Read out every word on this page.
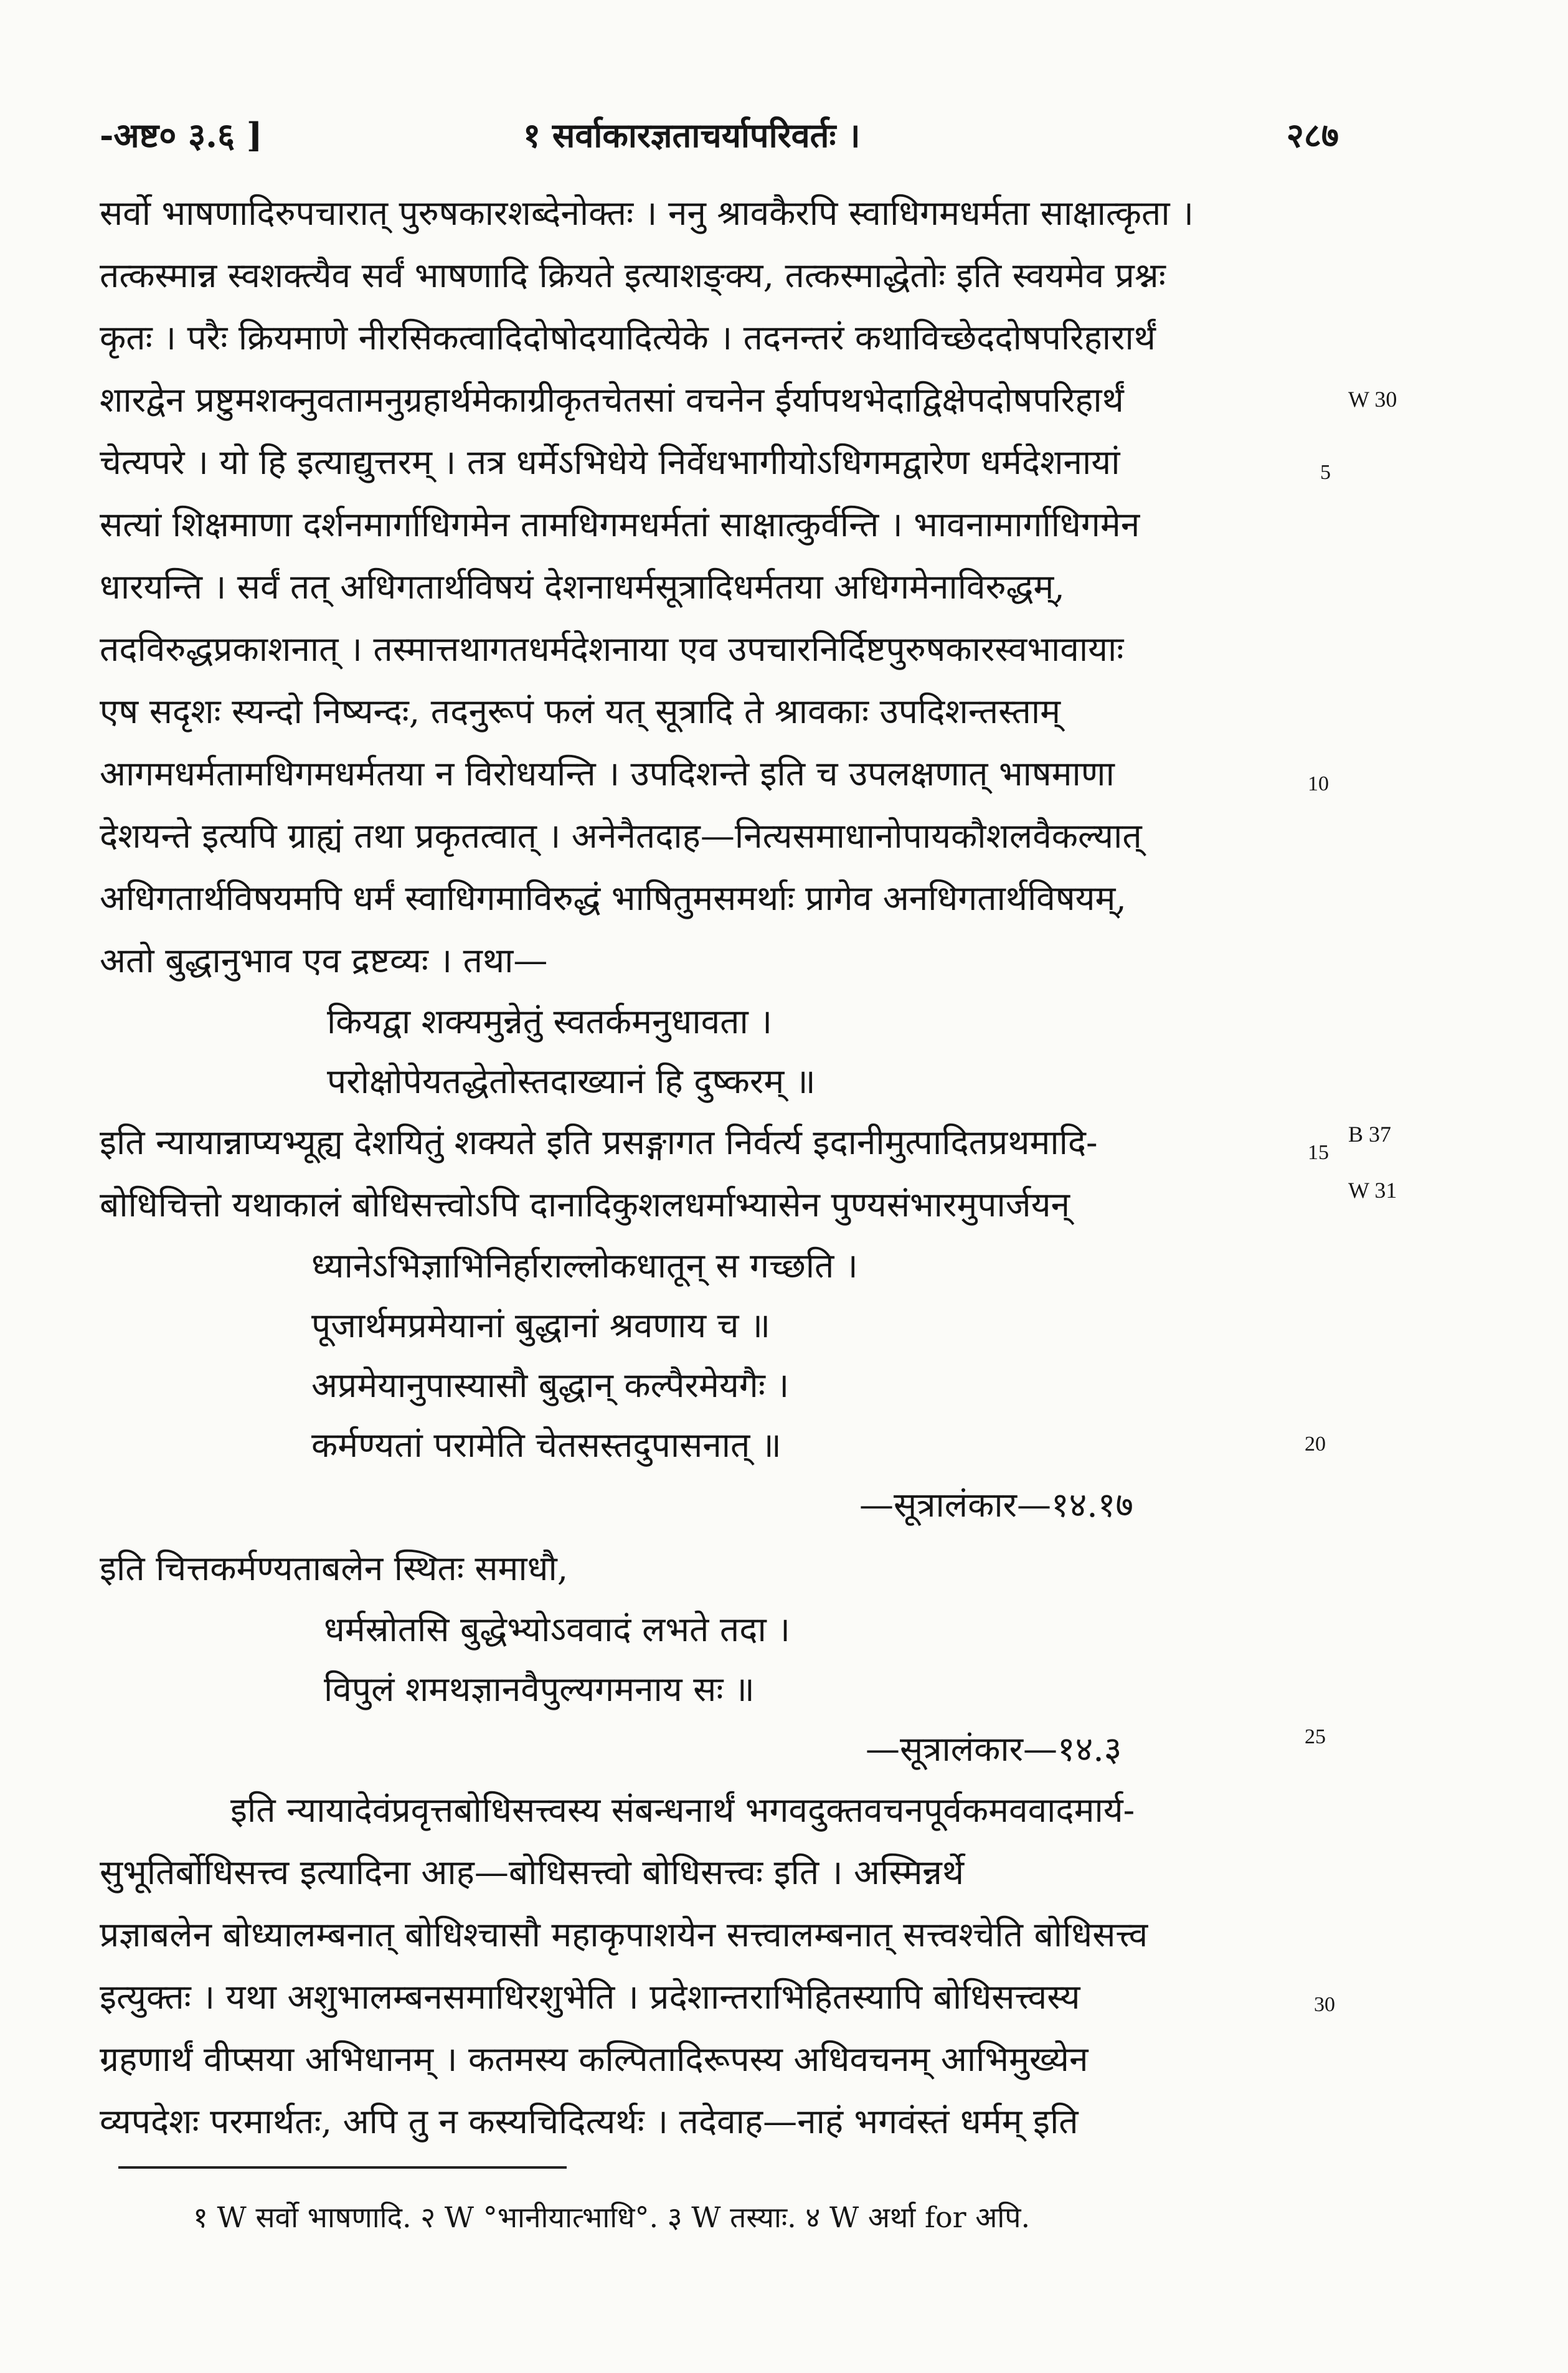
-अष्ट० ३.६ ]	१ सर्वाकारज्ञताचर्यापरिवर्तः ।	२८७
सर्वो भाषणादिरुपचारात् पुरुषकारशब्देनोक्तः । ननु श्रावकैरपि स्वाधिगमधर्मता साक्षात्कृता ।
तत्कस्मान्न स्वशक्त्यैव सर्वं भाषणादि क्रियते इत्याशङ्क्य, तत्कस्माद्धेतोः इति स्वयमेव प्रश्नः
कृतः । परैः क्रियमाणे नीरसिकत्वादिदोषोदयादित्येके । तदनन्तरं कथाविच्छेददोषपरिहारार्थं
शारद्वेन प्रष्टुमशक्नुवतामनुग्रहार्थमेकाग्रीकृतचेतसां वचनेन ईर्यापथभेदाद्विक्षेपदोषपरिहार्थं
चेत्यपरे । यो हि इत्याद्युत्तरम् । तत्र धर्मेऽभिधेये निर्वेधभागीयोऽधिगमद्वारेण धर्मदेशनायां
सत्यां शिक्षमाणा दर्शनमार्गाधिगमेन तामधिगमधर्मतां साक्षात्कुर्वन्ति । भावनामार्गाधिगमेन
धारयन्ति । सर्वं तत् अधिगतार्थविषयं देशनाधर्मसूत्रादिधर्मतया अधिगमेनाविरुद्धम्,
तदविरुद्धप्रकाशनात् । तस्मात्तथागतधर्मदेशनाया एव उपचारनिर्दिष्टपुरुषकारस्वभावायाः
एष सदृशः स्यन्दो निष्यन्दः, तदनुरूपं फलं यत् सूत्रादि ते श्रावकाः उपदिशन्तस्ताम्
आगमधर्मतामधिगमधर्मतया न विरोधयन्ति । उपदिशन्ते इति च उपलक्षणात् भाषमाणा
देशयन्ते इत्यपि ग्राह्यं तथा प्रकृतत्वात् । अनेनैतदाह—नित्यसमाधानोपायकौशलवैकल्यात्
अधिगतार्थविषयमपि धर्मं स्वाधिगमाविरुद्धं भाषितुमसमर्थाः प्रागेव अनधिगतार्थविषयम्,
अतो बुद्धानुभाव एव द्रष्टव्यः । तथा—
कियद्वा शक्यमुन्नेतुं स्वतर्कमनुधावता ।
परोक्षोपेयतद्धेतोस्तदाख्यानं हि दुष्करम् ॥
इति न्यायान्नाप्यभ्यूह्य देशयितुं शक्यते इति प्रसङ्गागत निर्वर्त्य इदानीमुत्पादितप्रथमादि-
बोधिचित्तो यथाकालं बोधिसत्त्वोऽपि दानादिकुशलधर्माभ्यासेन पुण्यसंभारमुपार्जयन्
ध्यानेऽभिज्ञाभिनिर्हाराल्लोकधातून् स गच्छति ।
पूजार्थमप्रमेयानां बुद्धानां श्रवणाय च ॥
अप्रमेयानुपास्यासौ बुद्धान् कल्पैरमेयगैः ।
कर्मण्यतां परामेति चेतसस्तदुपासनात् ॥
—सूत्रालंकार—१४.१७
इति चित्तकर्मण्यताबलेन स्थितः समाधौ,
धर्मस्रोतसि बुद्धेभ्योऽववादं लभते तदा ।
विपुलं शमथज्ञानवैपुल्यगमनाय सः ॥
—सूत्रालंकार—१४.३
इति न्यायादेवंप्रवृत्तबोधिसत्त्वस्य संबन्धनार्थं भगवदुक्तवचनपूर्वकमववादमार्य-
सुभूतिर्बोधिसत्त्व इत्यादिना आह—बोधिसत्त्वो बोधिसत्त्वः इति । अस्मिन्नर्थे
प्रज्ञाबलेन बोध्यालम्बनात् बोधिश्चासौ महाकृपाशयेन सत्त्वालम्बनात् सत्त्वश्चेति बोधिसत्त्व
इत्युक्तः । यथा अशुभालम्बनसमाधिरशुभेति । प्रदेशान्तराभिहितस्यापि बोधिसत्त्वस्य
ग्रहणार्थं वीप्सया अभिधानम् । कतमस्य कल्पितादिरूपस्य अधिवचनम् आभिमुख्येन
व्यपदेशः परमार्थतः, अपि तु न कस्यचिदित्यर्थः । तदेवाह—नाहं भगवंस्तं धर्मम् इति
5
10
15
20
25
30
W 30
B 37
W 31
१ W सर्वो भाषणादि. २ W °भानीयात्भाधि°. ३ W तस्याः. ४ W अर्था for अपि.
